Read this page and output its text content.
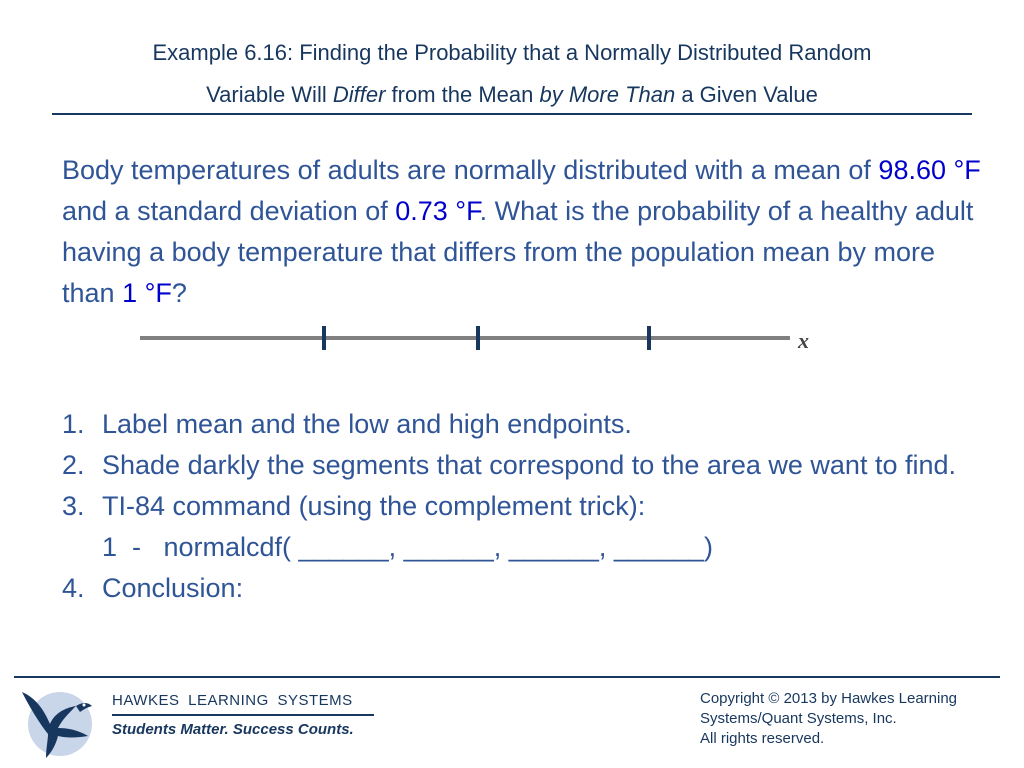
Example 6.16: Finding the Probability that a Normally Distributed Random
Variable Will Differ from the Mean by More Than a Given Value
Body temperatures of adults are normally distributed with a mean of 98.60 °F and a standard deviation of 0.73 °F. What is the probability of a healthy adult having a body temperature that differs from the population mean by more than 1 °F?
x
1. Label mean and the low and high endpoints.
2. Shade darkly the segments that correspond to the area we want to find.
3. TI-84 command (using the complement trick):
1  -   normalcdf( ______, ______, ______, ______)
4. Conclusion:
HAWKES LEARNING SYSTEMS
Students Matter. Success Counts.
Copyright © 2013 by Hawkes Learning
Systems/Quant Systems, Inc.
All rights reserved.
